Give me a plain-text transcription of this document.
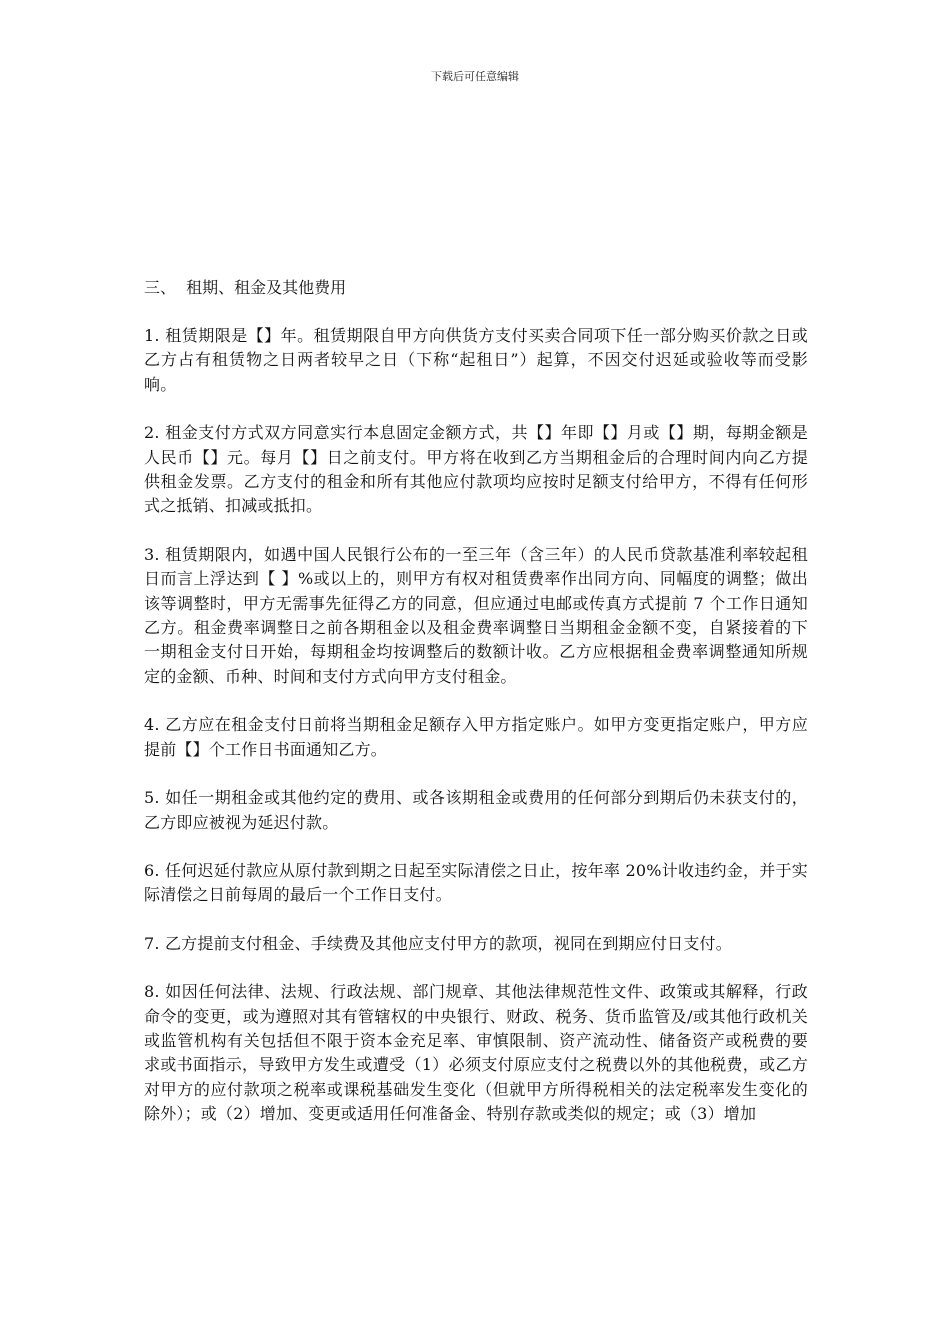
下载后可任意编辑

三、  租期、租金及其他费用

1. 租赁期限是【】年。租赁期限自甲方向供货方支付买卖合同项下任一部分购买价款之日或乙方占有租赁物之日两者较早之日（下称“起租日”）起算，不因交付迟延或验收等而受影响。

2. 租金支付方式双方同意实行本息固定金额方式，共【】年即【】月或【】期，每期金额是人民币【】元。每月【】日之前支付。甲方将在收到乙方当期租金后的合理时间内向乙方提供租金发票。乙方支付的租金和所有其他应付款项均应按时足额支付给甲方，不得有任何形式之抵销、扣减或抵扣。

3. 租赁期限内，如遇中国人民银行公布的一至三年（含三年）的人民币贷款基准利率较起租日而言上浮达到【 】%或以上的，则甲方有权对租赁费率作出同方向、同幅度的调整；做出该等调整时，甲方无需事先征得乙方的同意，但应通过电邮或传真方式提前 7 个工作日通知乙方。租金费率调整日之前各期租金以及租金费率调整日当期租金金额不变，自紧接着的下一期租金支付日开始，每期租金均按调整后的数额计收。乙方应根据租金费率调整通知所规定的金额、币种、时间和支付方式向甲方支付租金。

4. 乙方应在租金支付日前将当期租金足额存入甲方指定账户。如甲方变更指定账户，甲方应提前【】个工作日书面通知乙方。

5. 如任一期租金或其他约定的费用、或各该期租金或费用的任何部分到期后仍未获支付的，乙方即应被视为延迟付款。

6. 任何迟延付款应从原付款到期之日起至实际清偿之日止，按年率 20%计收违约金，并于实际清偿之日前每周的最后一个工作日支付。

7. 乙方提前支付租金、手续费及其他应支付甲方的款项，视同在到期应付日支付。

8. 如因任何法律、法规、行政法规、部门规章、其他法律规范性文件、政策或其解释，行政命令的变更，或为遵照对其有管辖权的中央银行、财政、税务、货币监管及/或其他行政机关或监管机构有关包括但不限于资本金充足率、审慎限制、资产流动性、储备资产或税费的要求或书面指示，导致甲方发生或遭受（1）必须支付原应支付之税费以外的其他税费，或乙方对甲方的应付款项之税率或课税基础发生变化（但就甲方所得税相关的法定税率发生变化的除外）；或（2）增加、变更或适用任何准备金、特别存款或类似的规定；或（3）增加
